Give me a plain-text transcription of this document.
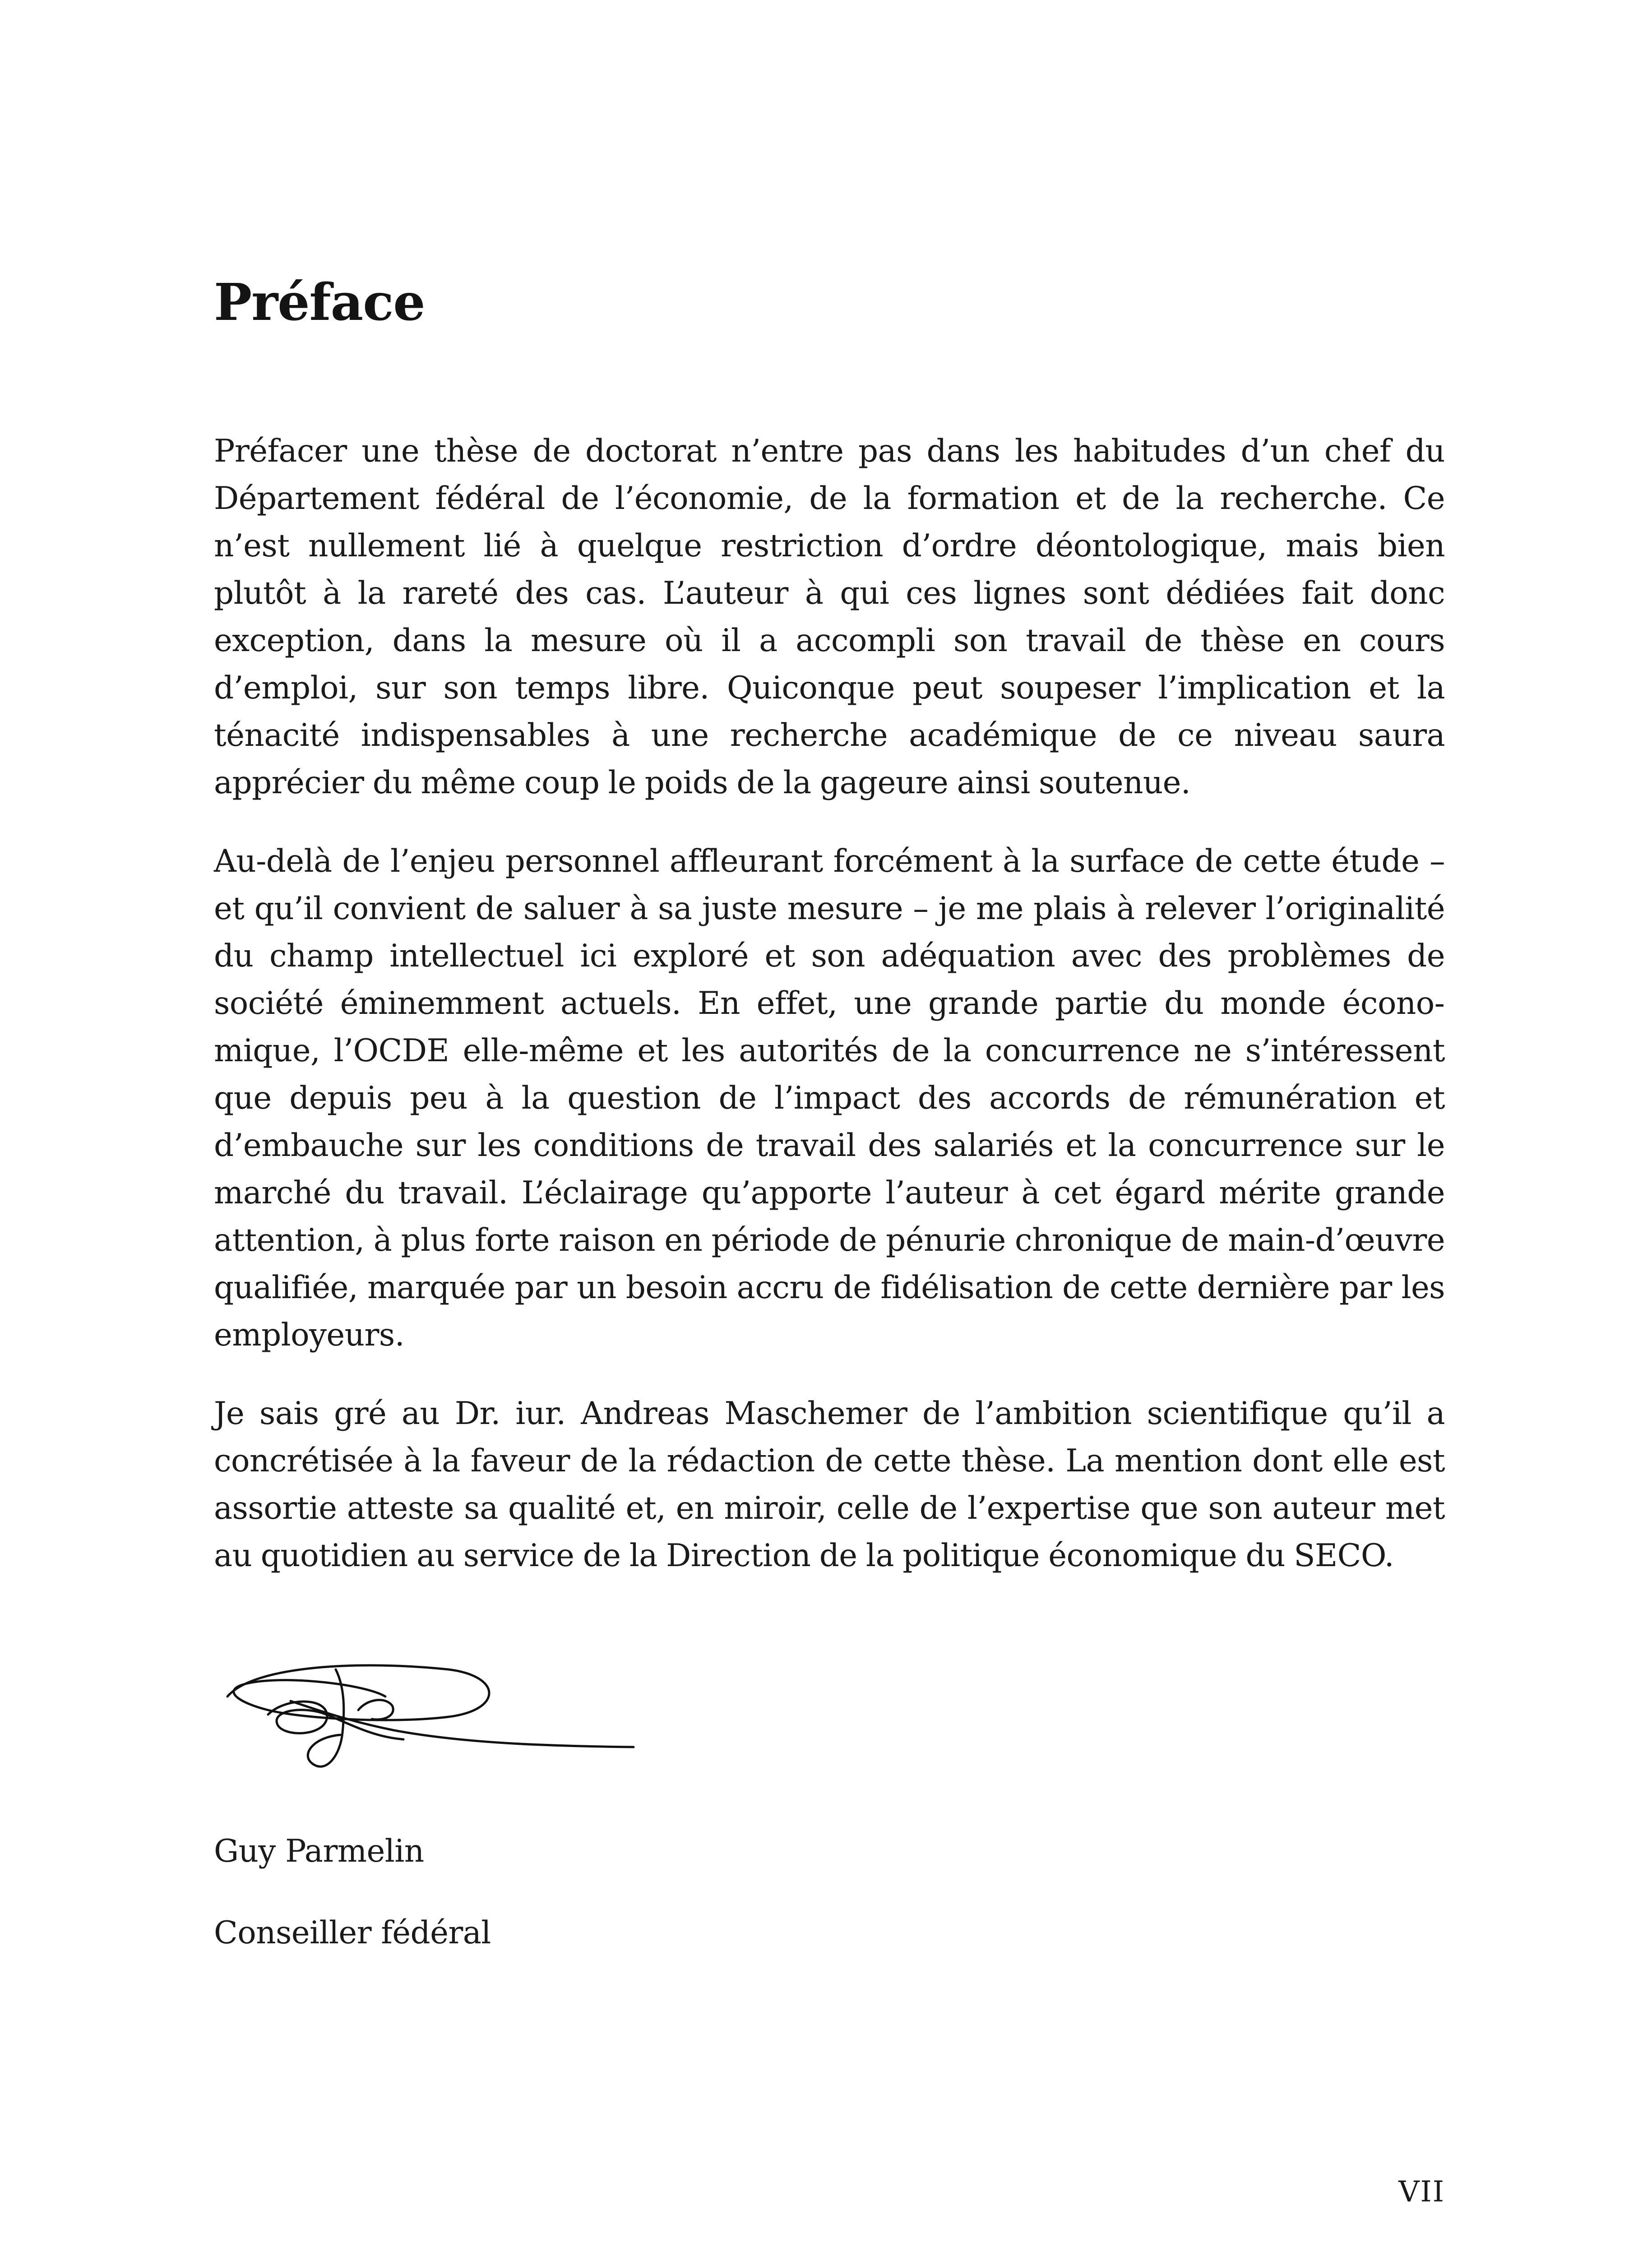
Préface

Préfacer une thèse de doctorat n’entre pas dans les habitudes d’un chef du Département fédéral de l’économie, de la formation et de la recherche. Ce n’est nullement lié à quelque restriction d’ordre déontologique, mais bien plutôt à la rareté des cas. L’auteur à qui ces lignes sont dédiées fait donc exception, dans la mesure où il a accompli son travail de thèse en cours d’emploi, sur son temps libre. Quiconque peut soupeser l’implication et la ténacité indispensables à une recherche académique de ce niveau saura apprécier du même coup le poids de la gageure ainsi soutenue.

Au-delà de l’enjeu personnel affleurant forcément à la surface de cette étude – et qu’il convient de saluer à sa juste mesure – je me plais à relever l’originalité du champ intellectuel ici exploré et son adéquation avec des problèmes de société éminemment actuels. En effet, une grande partie du monde économique, l’OCDE elle-même et les autorités de la concurrence ne s’intéressent que depuis peu à la question de l’impact des accords de rémunération et d’embauche sur les conditions de travail des salariés et la concurrence sur le marché du travail. L’éclairage qu’apporte l’auteur à cet égard mérite grande attention, à plus forte raison en période de pénurie chronique de main-d’œuvre qualifiée, marquée par un besoin accru de fidélisation de cette dernière par les employeurs.

Je sais gré au Dr. iur. Andreas Maschemer de l’ambition scientifique qu’il a concrétisée à la faveur de la rédaction de cette thèse. La mention dont elle est assortie atteste sa qualité et, en miroir, celle de l’expertise que son auteur met au quotidien au service de la Direction de la politique économique du SECO.

Guy Parmelin

Conseiller fédéral

VII
